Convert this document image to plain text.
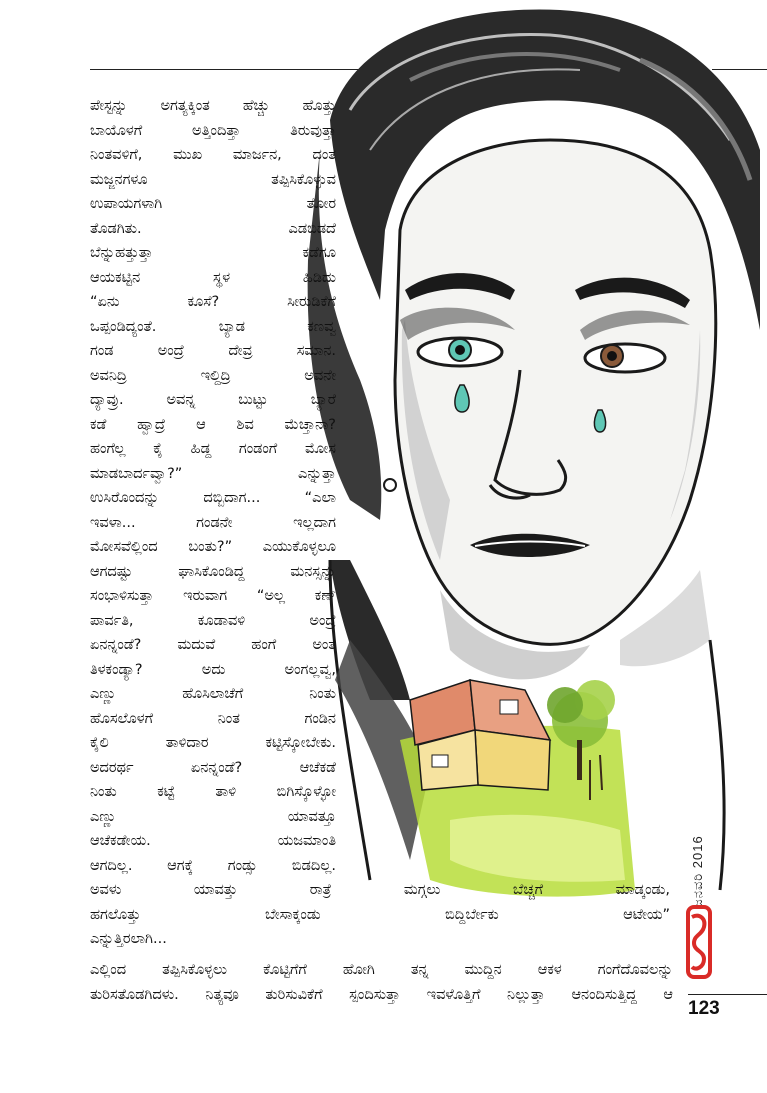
ಪೇಸ್ಟನ್ನು ಅಗತ್ಯಕ್ಕಿಂತ ಹೆಚ್ಚು ಹೊತ್ತು
ಬಾಯೊಳಗೆ ಅತ್ತಿಂದಿತ್ತಾ ತಿರುವುತ್ತಾ
ನಿಂತವಳಿಗೆ, ಮುಖ ಮಾರ್ಜನ, ದಂತ
ಮಜ್ಜನಗಳೂ ತಪ್ಪಿಸಿಕೊಳ್ಳುವ
ಉಪಾಯಗಳಾಗಿ ತೋರ
ತೊಡಗಿತು. ಎಡಬಿಡದೆ
ಬೆನ್ನುಹತ್ತುತ್ತಾ ಕಡೆಗೂ
ಆಯಕಟ್ಟಿನ ಸ್ಥಳ ಹಿಡಿದು
“ಏನು ಕೂಸೆ? ಸೀರುಡಿಕೆಗೆ
ಒಪ್ಪಂಡಿದ್ಯಂತೆ. ಬ್ಯಾಡ ಕಣವ್ವ
ಗಂಡ ಅಂದ್ರೆ ದೇವ್ರ ಸಮಾನ.
ಅವನಿದ್ರಿ ಇಲ್ದಿದ್ರಿ ಅವನೇ
ದ್ಯಾವ್ರು. ಅವನ್ನ ಬುಟ್ಟು ಬ್ಯಾರೆ
ಕಡೆ ಹ್ವಾದ್ರೆ ಆ ಶಿವ ಮೆಚ್ತಾನಾ?
ಹಂಗೆಲ್ಲ ಕೈ ಹಿಡ್ದ ಗಂಡಂಗೆ ಮೋಸ
ಮಾಡಬಾರ್ದವ್ವಾ?” ಎನ್ನುತ್ತಾ
ಉಸಿರೊಂದನ್ನು ದಬ್ಬಿದಾಗ... “ಎಲಾ
ಇವಳಾ... ಗಂಡನೇ ಇಲ್ಲದಾಗ
ಮೋಸವೆಲ್ಲಿಂದ ಬಂತು?” ಎಯುಕೊಳ್ಳಲೂ
ಆಗದಷ್ಟು ಘಾಸಿಕೊಂಡಿದ್ದ ಮನಸ್ಸನ್ನು
ಸಂಭಾಳಿಸುತ್ತಾ ಇರುವಾಗ “ಅಲ್ಲ ಕಣ್
ಪಾರ್ವತಿ, ಕೂಡಾವಳಿ ಅಂದ್ರೆ
ಏನನ್ನಂಡೆ? ಮದುವೆ ಹಂಗೆ ಅಂತ
ತಿಳಕಂಡ್ಯಾ? ಅದು ಅಂಗಲ್ಲವ್ವ,
ಎಣ್ಣು ಹೊಸಿಲಾಚೆಗೆ ನಿಂತು
ಹೊಸಲೊಳಗೆ ನಿಂತ ಗಂಡಿನ
ಕೈಲಿ ತಾಳಿದಾರ ಕಟ್ಟಿಸ್ಕೋಬೇಕು.
ಅದರರ್ಥ ಏನನ್ನಂಡೆ? ಆಚೆಕಡೆ
ನಿಂತು ಕಟ್ಟೆ ತಾಳಿ ಬಿಗಿಸ್ಕೊಳ್ಳೋ
ಎಣ್ಣು ಯಾವತ್ತೂ
ಆಚೆಕಡೇಯ. ಯಜಮಾಂತಿ
ಆಗದಿಲ್ಲ. ಆಗಕ್ಕೆ ಗಂಡ್ಸು ಬಿಡದಿಲ್ಲ.
ಅವಳು ಯಾವತ್ತು ರಾತ್ರೆ ಮಗ್ಗಲು ಬೆಚ್ಚಗೆ ಮಾಡ್ಕಂಡು,
ಹಗಲೊತ್ತು ಬೇಸಾಕ್ಕಂಡು ಬಿದ್ದಿರ್ಬೇಕು ಆಟೇಯ”
ಎನ್ನುತ್ತಿರಲಾಗಿ...
ಎಲ್ಲಿಂದ ತಪ್ಪಿಸಿಕೊಳ್ಳಲು ಕೊಟ್ಟಿಗೆಗೆ ಹೋಗಿ ತನ್ನ ಮುದ್ದಿನ ಆಕಳ ಗಂಗೆದೊವಲನ್ನು
ತುರಿಸತೊಡಗಿದಳು. ನಿತ್ಯವೂ ತುರಿಸುವಿಕೆಗೆ ಸ್ಪಂದಿಸುತ್ತಾ ಇವಳೊತ್ತಿಗೆ ನಿಲ್ಲುತ್ತಾ ಆನಂದಿಸುತ್ತಿದ್ದ ಆ
ಜನವರಿ 2016
123
